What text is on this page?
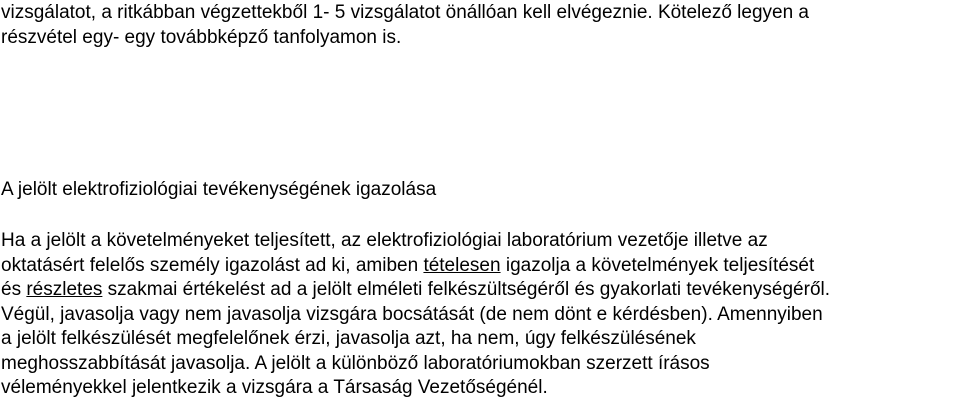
vizsgálatot, a ritkábban végzettekből 1- 5 vizsgálatot önállóan kell elvégeznie. Kötelező legyen a
részvétel egy- egy továbbképző tanfolyamon is.

A jelölt elektrofiziológiai tevékenységének igazolása

Ha a jelölt a követelményeket teljesített, az elektrofiziológiai laboratórium vezetője illetve az
oktatásért felelős személy igazolást ad ki, amiben tételesen igazolja a követelmények teljesítését
és részletes szakmai értékelést ad a jelölt elméleti felkészültségéről és gyakorlati tevékenységéről.
Végül, javasolja vagy nem javasolja vizsgára bocsátását (de nem dönt e kérdésben). Amennyiben
a jelölt felkészülését megfelelőnek érzi, javasolja azt, ha nem, úgy felkészülésének
meghosszabbítását javasolja. A jelölt a különböző laboratóriumokban szerzett írásos
véleményekkel jelentkezik a vizsgára a Társaság Vezetőségénél.
